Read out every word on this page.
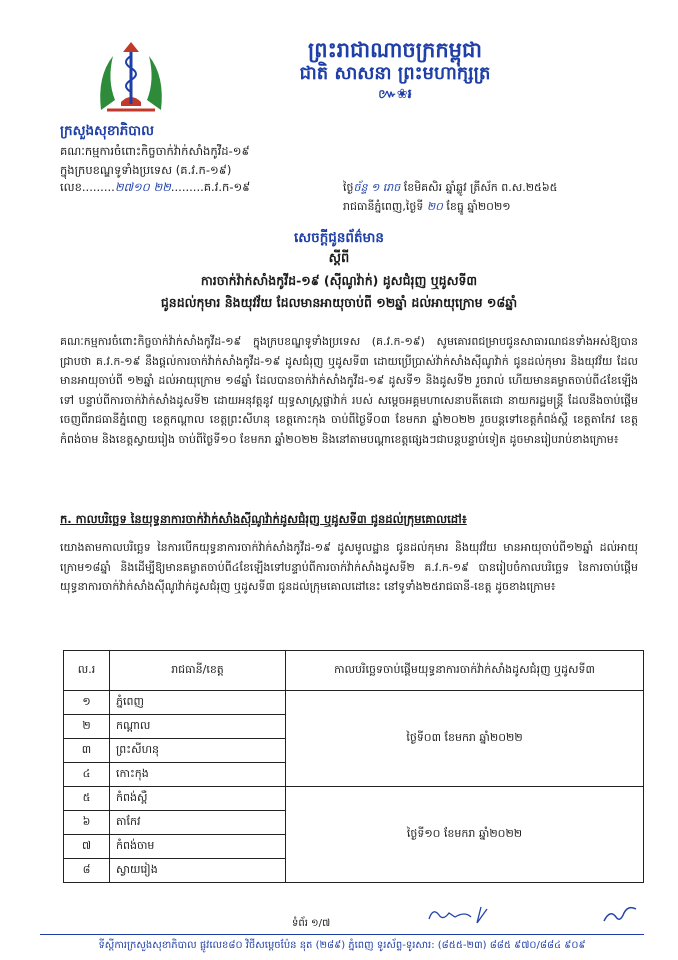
ព្រះរាជាណាចក្រកម្ពុជា
ជាតិ សាសនា ព្រះមហាក្សត្រ
៚❀៛
ក្រសួងសុខាភិបាល
គណៈកម្មការចំពោះកិច្ចចាក់វ៉ាក់សាំងកូវីដ-១៩
ក្នុងក្របខណ្ឌទូទាំងប្រទេស (គ.វ.ក-១៩)
លេខ.........២៧១០ ២២.........គ.វ.ក-១៩	ថ្ងៃច័ន្ទ ១ រោច ខែមិគសិរ ឆ្នាំឆ្លូវ ត្រីស័ក ព.ស.២៥៦៥
រាជធានីភ្នំពេញ,ថ្ងៃទី ២០ ខែធ្នូ ឆ្នាំ២០២១
សេចក្តីជូនព័ត៌មាន
ស្តីពី
ការចាក់វ៉ាក់សាំងកូវីដ-១៩ (ស៊ីណូវ៉ាក់) ដូសជំរុញ ឬដូសទី៣
ជូនដល់កុមារ និងយុវវ័យ ដែលមានអាយុចាប់ពី ១២ឆ្នាំ ដល់អាយុក្រោម ១៨ឆ្នាំ

គណៈកម្មការចំពោះកិច្ចចាក់វ៉ាក់សាំងកូវីដ-១៩ ក្នុងក្របខណ្ឌទូទាំងប្រទេស (គ.វ.ក-១៩) សូមគោរពជម្រាបជូនសាធារណជនទាំងអស់ឱ្យបានជ្រាបថា គ.វ.ក-១៩ នឹងផ្តល់ការចាក់វ៉ាក់សាំងកូវីដ-១៩ ដូសជំរុញ ឬដូសទី៣ ដោយប្រើប្រាស់វ៉ាក់សាំងស៊ីណូវ៉ាក់ ជូនដល់កុមារ និងយុវវ័យ ដែលមានអាយុចាប់ពី ១២ឆ្នាំ ដល់អាយុក្រោម ១៨ឆ្នាំ ដែលបានចាក់វ៉ាក់សាំងកូវីដ-១៩ ដូសទី១ និងដូសទី២ រួចរាល់ ហើយមានគម្លាតចាប់ពី៤ខែឡើងទៅ បន្ទាប់ពីការចាក់វ៉ាក់សាំងដូសទី២ ដោយអនុវត្តនូវ យុទ្ធសាស្ត្រផ្លាវ៉ាក់ របស់ សម្តេចអគ្គមហាសេនាបតីតេជោ នាយករដ្ឋមន្ត្រី ដែលនឹងចាប់ផ្តើមចេញពីរាជធានីភ្នំពេញ ខេត្តកណ្តាល ខេត្តព្រះសីហនុ ខេត្តកោះកុង ចាប់ពីថ្ងៃទី០៣ ខែមករា ឆ្នាំ២០២២ រួចបន្តទៅខេត្តកំពង់ស្ពឺ ខេត្តតាកែវ ខេត្តកំពង់ចាម និងខេត្តស្វាយរៀង ចាប់ពីថ្ងៃទី១០ ខែមករា ឆ្នាំ២០២២ និងនៅតាមបណ្តាខេត្តផ្សេងៗជាបន្តបន្ទាប់ទៀត ដូចមានរៀបរាប់ខាងក្រោម៖

ក. កាលបរិច្ឆេទ នៃយុទ្ធនាការចាក់វ៉ាក់សាំងស៊ីណូវ៉ាក់ដូសជំរុញ ឬដូសទី៣ ជូនដល់ក្រុមគោលដៅ៖

យោងតាមកាលបរិច្ឆេទ នៃការបើកយុទ្ធនាការចាក់វ៉ាក់សាំងកូវីដ-១៩ ដូសមូលដ្ឋាន ជូនដល់កុមារ និងយុវវ័យ មានអាយុចាប់ពី១២ឆ្នាំ ដល់អាយុក្រោម១៨ឆ្នាំ និងដើម្បីឱ្យមានគម្លាតចាប់ពី៤ខែឡើងទៅបន្ទាប់ពីការចាក់វ៉ាក់សាំងដូសទី២ គ.វ.ក-១៩ បានរៀបចំកាលបរិច្ឆេទ នៃការចាប់ផ្តើមយុទ្ធនាការចាក់វ៉ាក់សាំងស៊ីណូវ៉ាក់ដូសជំរុញ ឬដូសទី៣ ជូនដល់ក្រុមគោលដៅនេះ នៅទូទាំង២៥រាជធានី-ខេត្ត ដូចខាងក្រោម៖

ល.រ	រាជធានី/ខេត្ត	កាលបរិច្ឆេទចាប់ផ្តើមយុទ្ធនាការចាក់វ៉ាក់សាំងដូសជំរុញ ឬដូសទី៣
១	ភ្នំពេញ	ថ្ងៃទី០៣ ខែមករា ឆ្នាំ២០២២
២	កណ្តាល	
៣	ព្រះសីហនុ	
៤	កោះកុង	
៥	កំពង់ស្ពឺ	ថ្ងៃទី១០ ខែមករា ឆ្នាំ២០២២
៦	តាកែវ	
៧	កំពង់ចាម	
៨	ស្វាយរៀង	
ទំព័រ ១/៧
ទីស្តីការក្រសួងសុខាភិបាល ផ្លូវលេខ៨០ វិថីសម្តេចប៉ែន នុត (២៨៩) ភ្នំពេញ ទូរស័ព្ទ-ទូរសារ: (៨៥៥-២៣) ៨៨៥ ៩៧០/៨៨៤ ៩០៩
